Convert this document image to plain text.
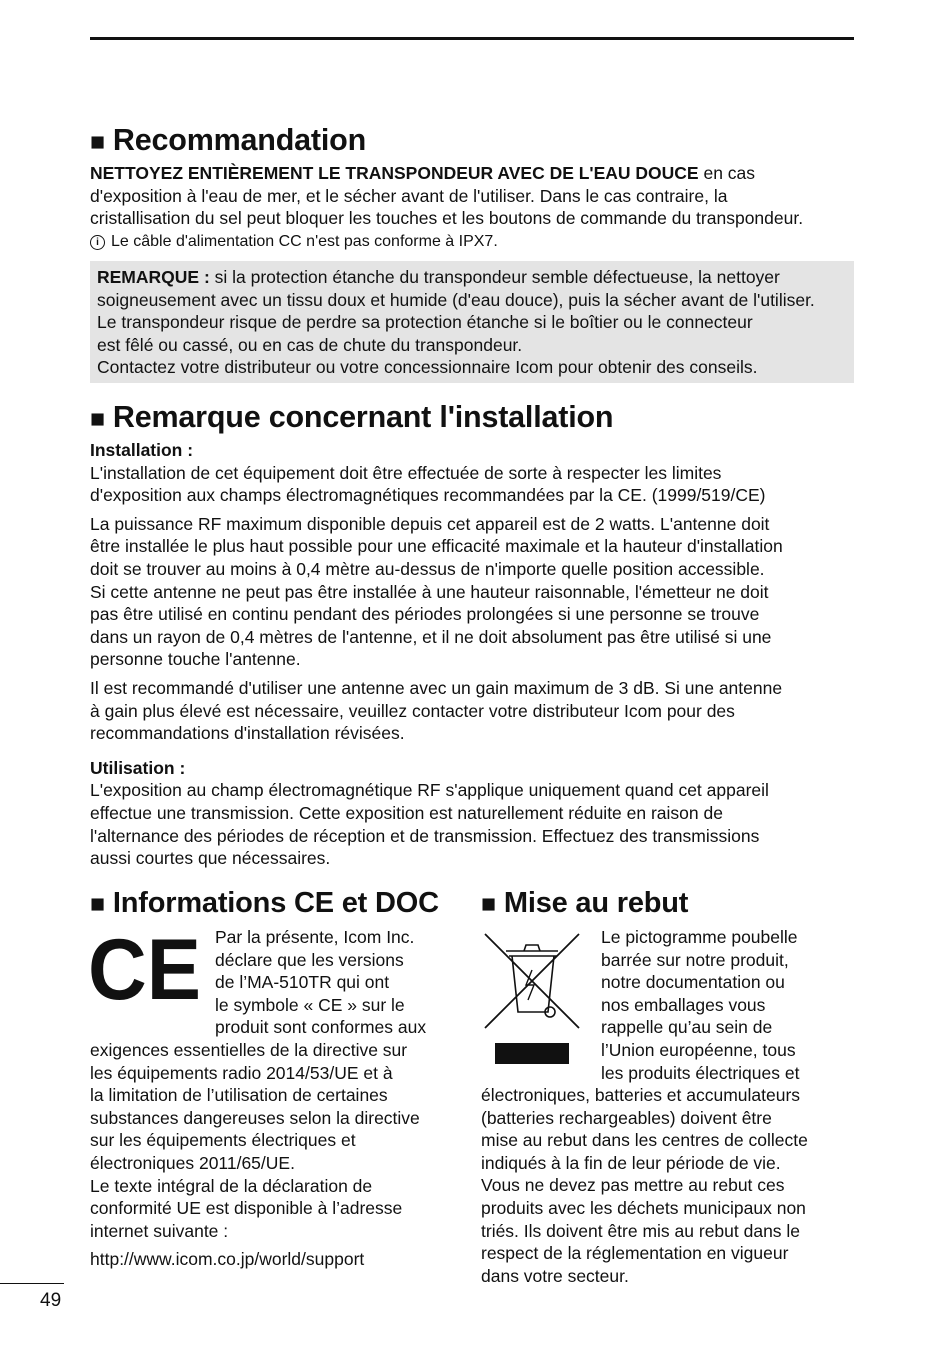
■ Recommandation

NETTOYEZ ENTIÈREMENT LE TRANSPONDEUR AVEC DE L'EAU DOUCE en cas

d'exposition à l'eau de mer, et le sécher avant de l'utiliser. Dans le cas contraire, la

cristallisation du sel peut bloquer les touches et les boutons de commande du transpondeur.

i Le câble d'alimentation CC n'est pas conforme à IPX7.

REMARQUE : si la protection étanche du transpondeur semble défectueuse, la nettoyer

soigneusement avec un tissu doux et humide (d'eau douce), puis la sécher avant de l'utiliser.

Le transpondeur risque de perdre sa protection étanche si le boîtier ou le connecteur

est fêlé ou cassé, ou en cas de chute du transpondeur.

Contactez votre distributeur ou votre concessionnaire Icom pour obtenir des conseils.

■ Remarque concernant l'installation

Installation :

L'installation de cet équipement doit être effectuée de sorte à respecter les limites

d'exposition aux champs électromagnétiques recommandées par la CE. (1999/519/CE)

La puissance RF maximum disponible depuis cet appareil est de 2 watts. L'antenne doit

être installée le plus haut possible pour une efficacité maximale et la hauteur d'installation

doit se trouver au moins à 0,4 mètre au-dessus de n'importe quelle position accessible.

Si cette antenne ne peut pas être installée à une hauteur raisonnable, l'émetteur ne doit

pas être utilisé en continu pendant des périodes prolongées si une personne se trouve

dans un rayon de 0,4 mètres de l'antenne, et il ne doit absolument pas être utilisé si une

personne touche l'antenne.

Il est recommandé d'utiliser une antenne avec un gain maximum de 3 dB. Si une antenne

à gain plus élevé est nécessaire, veuillez contacter votre distributeur Icom pour des

recommandations d'installation révisées.

Utilisation :

L'exposition au champ électromagnétique RF s'applique uniquement quand cet appareil

effectue une transmission. Cette exposition est naturellement réduite en raison de

l'alternance des périodes de réception et de transmission. Effectuez des transmissions

aussi courtes que nécessaires.

■ Informations CE et DOC
CE Par la présente, Icom Inc.

déclare que les versions

de l’MA-510TR qui ont

le symbole « CE » sur le

produit sont conformes aux

exigences essentielles de la directive sur

les équipements radio 2014/53/UE et à

la limitation de l’utilisation de certaines

substances dangereuses selon la directive

sur les équipements électriques et

électroniques 2011/65/UE.

Le texte intégral de la déclaration de

conformité UE est disponible à l’adresse

internet suivante :

http://www.icom.co.jp/world/support

■ Mise au rebut

Le pictogramme poubelle

barrée sur notre produit,

notre documentation ou

nos emballages vous

rappelle qu’au sein de

l’Union européenne, tous

les produits électriques et

électroniques, batteries et accumulateurs

(batteries rechargeables) doivent être

mise au rebut dans les centres de collecte

indiqués à la fin de leur période de vie.

Vous ne devez pas mettre au rebut ces

produits avec les déchets municipaux non

triés. Ils doivent être mis au rebut dans le

respect de la réglementation en vigueur

dans votre secteur.

49
